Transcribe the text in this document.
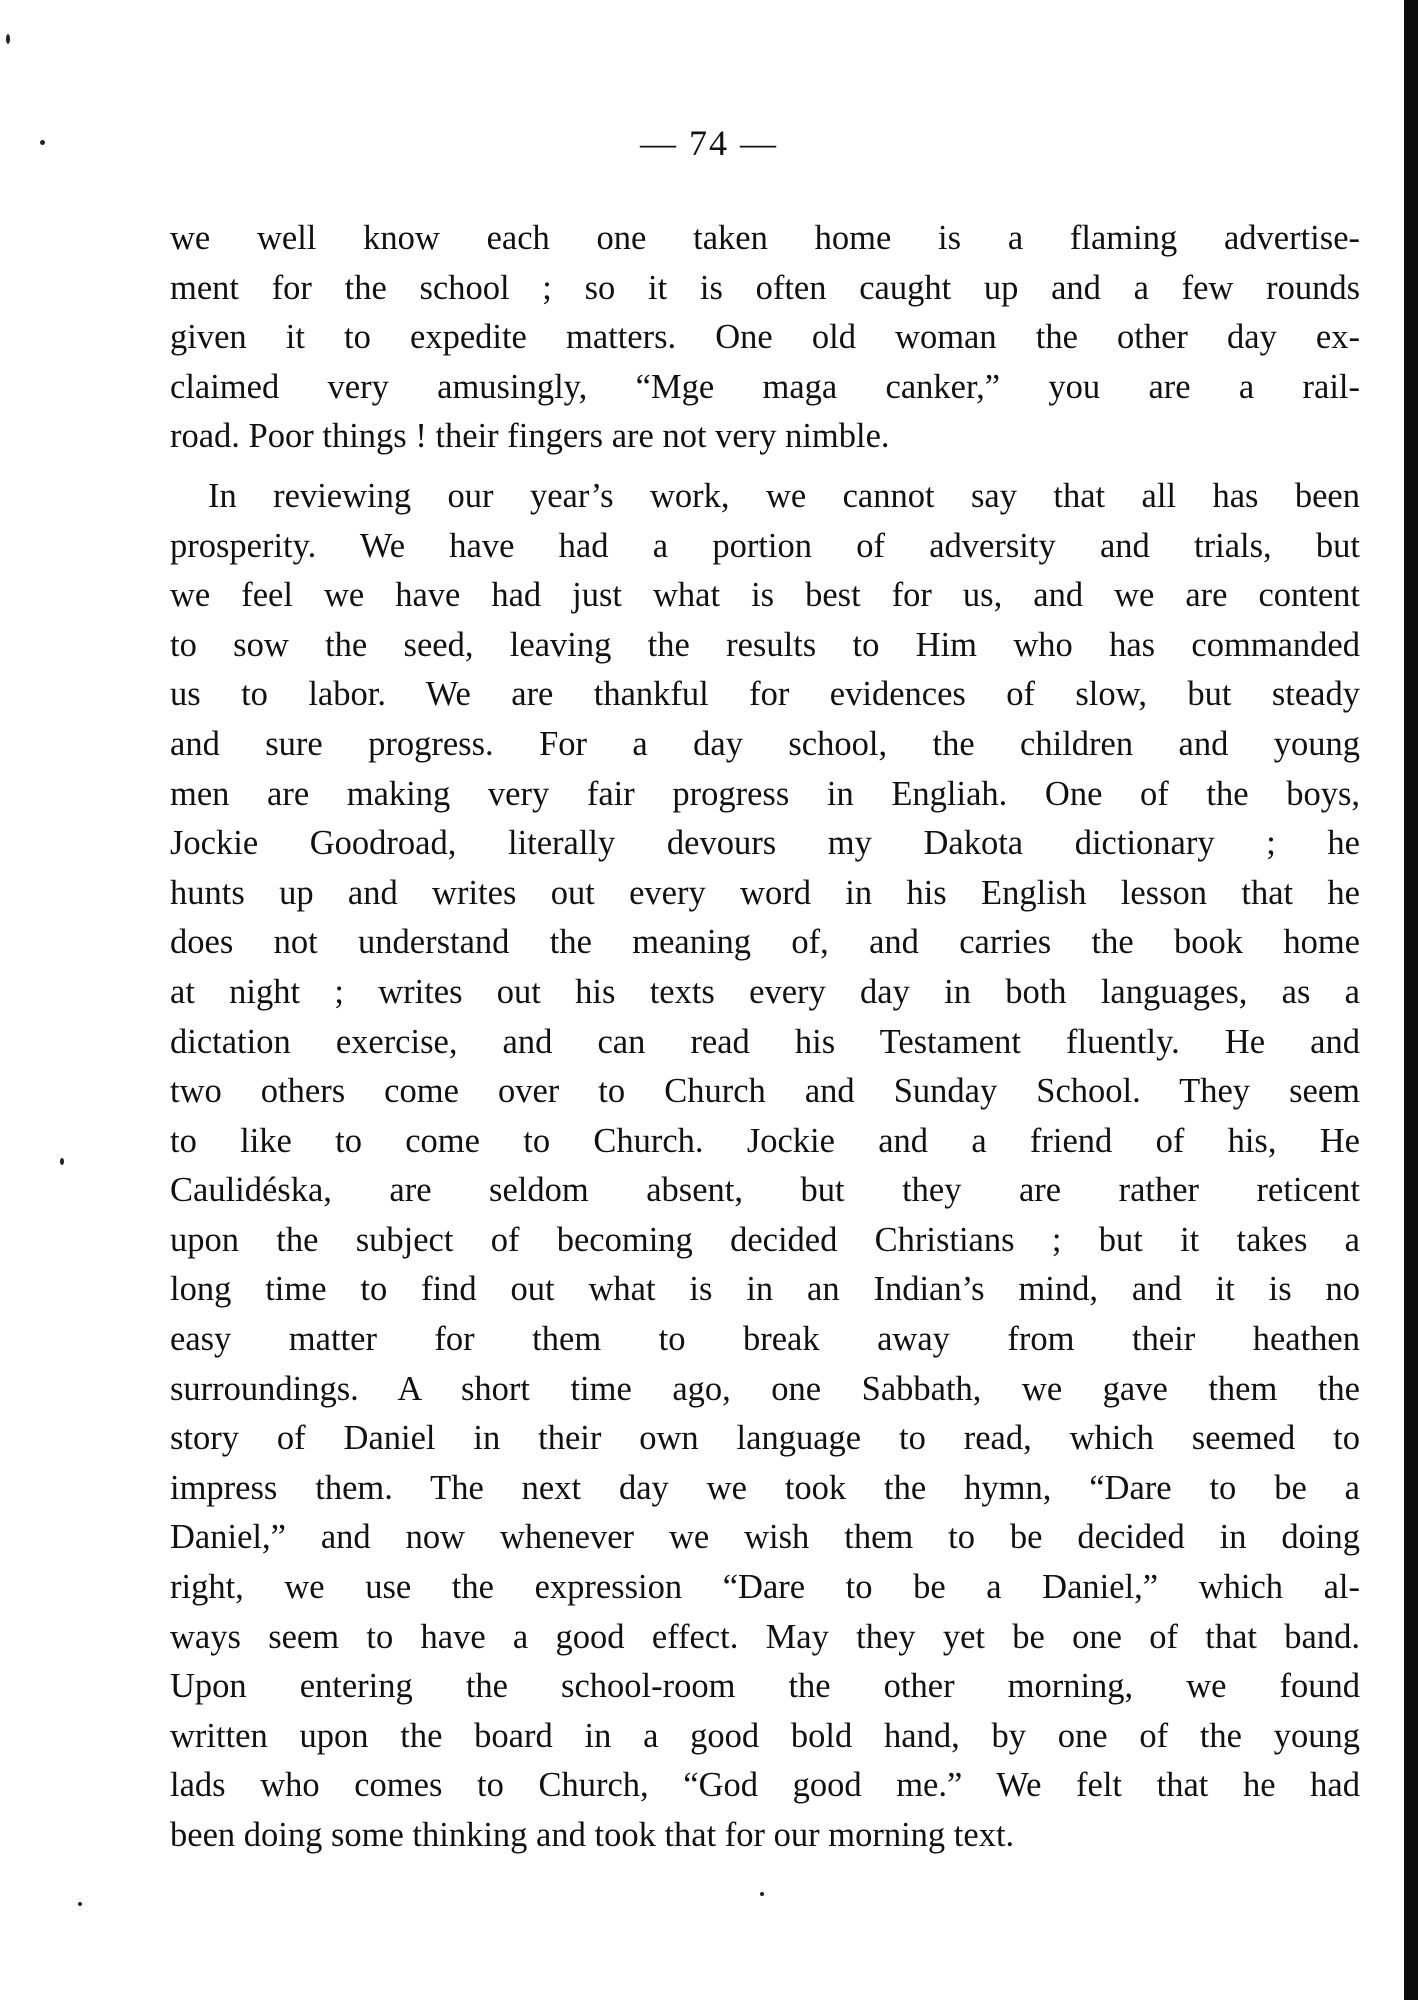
— 74 —
we well know each one taken home is a flaming advertise-
ment for the school ; so it is often caught up and a few rounds
given it to expedite matters. One old woman the other day ex-
claimed very amusingly, “Mge maga canker,” you are a rail-
road. Poor things ! their fingers are not very nimble.
In reviewing our year’s work, we cannot say that all has been
prosperity. We have had a portion of adversity and trials, but
we feel we have had just what is best for us, and we are content
to sow the seed, leaving the results to Him who has commanded
us to labor. We are thankful for evidences of slow, but steady
and sure progress. For a day school, the children and young
men are making very fair progress in Engliah. One of the boys,
Jockie Goodroad, literally devours my Dakota dictionary ; he
hunts up and writes out every word in his English lesson that he
does not understand the meaning of, and carries the book home
at night ; writes out his texts every day in both languages, as a
dictation exercise, and can read his Testament fluently. He and
two others come over to Church and Sunday School. They seem
to like to come to Church. Jockie and a friend of his, He
Caulidéska, are seldom absent, but they are rather reticent
upon the subject of becoming decided Christians ; but it takes a
long time to find out what is in an Indian’s mind, and it is no
easy matter for them to break away from their heathen
surroundings. A short time ago, one Sabbath, we gave them the
story of Daniel in their own language to read, which seemed to
impress them. The next day we took the hymn, “Dare to be a
Daniel,” and now whenever we wish them to be decided in doing
right, we use the expression “Dare to be a Daniel,” which al-
ways seem to have a good effect. May they yet be one of that band.
Upon entering the school-room the other morning, we found
written upon the board in a good bold hand, by one of the young
lads who comes to Church, “God good me.” We felt that he had
been doing some thinking and took that for our morning text.
